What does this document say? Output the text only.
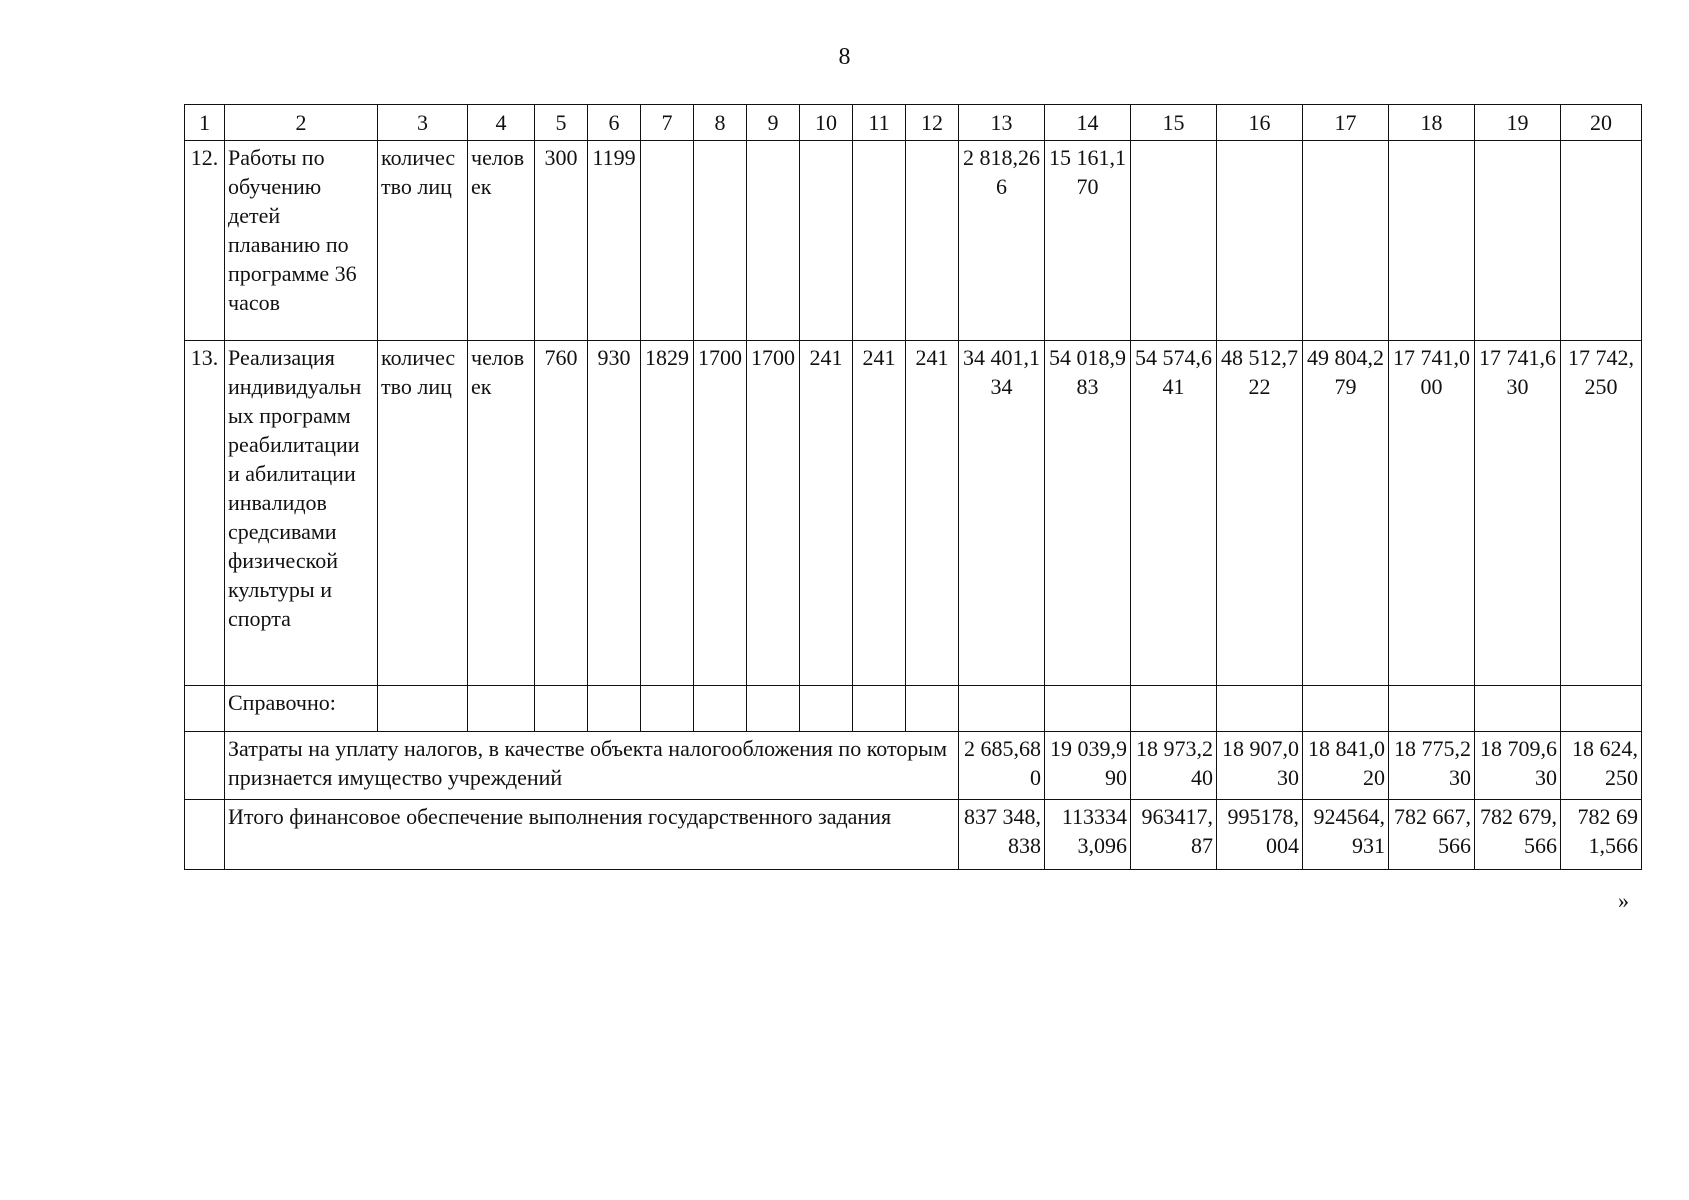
8
1	2	3	4	5	6	7	8	9	10	11	12	13	14	15	16	17	18	19	20
12.	Работы по обучению детей плаванию по программе 36 часов	количество лиц	человек	300	1199							2 818,266	15 161,170						
13.	Реализация индивидуальных программ реабилитации и абилитации инвалидов средсивами физической культуры и спорта	количество лиц	человек	760	930	1829	1700	1700	241	241	241	34 401,134	54 018,983	54 574,641	48 512,722	49 804,279	17 741,000	17 741,630	17 742,250
	Справочно:																		
	Затраты на уплату налогов, в качестве объекта налогообложения по которым признается имущество учреждений											2 685,680	19 039,990	18 973,240	18 907,030	18 841,020	18 775,230	18 709,630	18 624,250
	Итого финансовое обеспечение выполнения государственного задания											837 348,838	1133343,096	963417,87	995178,004	924564,931	782 667,566	782 679,566	782 691,566
»
